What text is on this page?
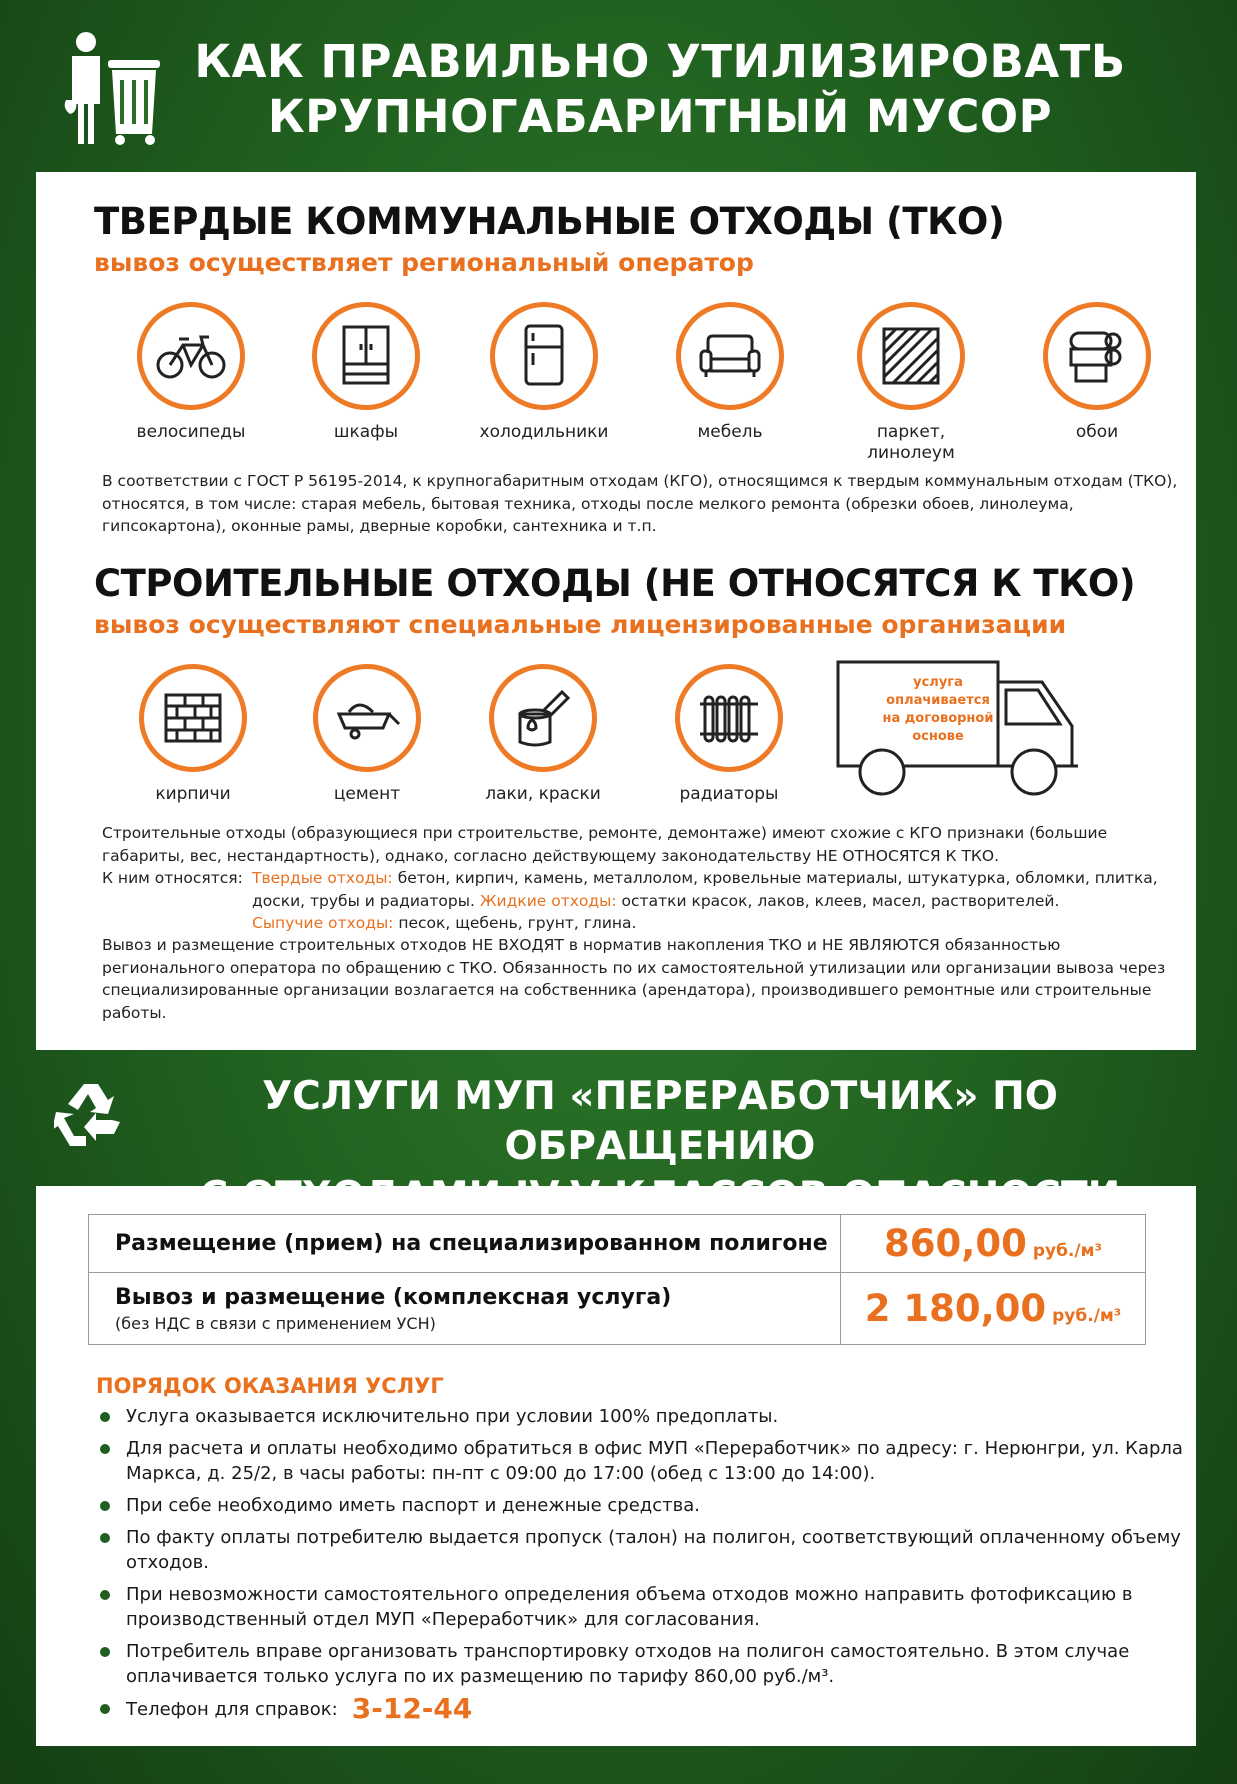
КАК ПРАВИЛЬНО УТИЛИЗИРОВАТЬ
КРУПНОГАБАРИТНЫЙ МУСОР
ТВЕРДЫЕ КОММУНАЛЬНЫЕ ОТХОДЫ (ТКО)
вывоз осуществляет региональный оператор
велосипеды	шкафы	холодильники	мебель	паркет,
линолеум
обои
В соответствии с ГОСТ Р 56195-2014, к крупногабаритным отходам (КГО), относящимся к твердым коммунальным отходам (ТКО), относятся, в том числе: старая мебель, бытовая техника, отходы после мелкого ремонта (обрезки обоев, линолеума, гипсокартона), оконные рамы, дверные коробки, сантехника и т.п.
СТРОИТЕЛЬНЫЕ ОТХОДЫ (НЕ ОТНОСЯТСЯ К ТКО)
вывоз осуществляют специальные лицензированные организации
кирпичи	цемент	лаки, краски	радиаторы
услуга оплачивается на договорной основе
Строительные отходы (образующиеся при строительстве, ремонте, демонтаже) имеют схожие с КГО признаки (большие габариты, вес, нестандартность), однако, согласно действующему законодательству НЕ ОТНОСЯТСЯ К ТКО.
К ним относятся: Твердые отходы: бетон, кирпич, камень, металлолом, кровельные материалы, штукатурка, обломки, плитка, доски, трубы и радиаторы. Жидкие отходы: остатки красок, лаков, клеев, масел, растворителей.
Сыпучие отходы: песок, щебень, грунт, глина.
Вывоз и размещение строительных отходов НЕ ВХОДЯТ в норматив накопления ТКО и НЕ ЯВЛЯЮТСЯ обязанностью регионального оператора по обращению с ТКО. Обязанность по их самостоятельной утилизации или организации вывоза через специализированные организации возлагается на собственника (арендатора), производившего ремонтные или строительные работы.
УСЛУГИ МУП «ПЕРЕРАБОТЧИК» ПО ОБРАЩЕНИЮ
Размещение (прием) на специализированном полигоне	860,00 руб./м³
Вывоз и размещение (комплексная услуга)
(без НДС в связи с применением УСН)	2 180,00 руб./м³
ПОРЯДОК ОКАЗАНИЯ УСЛУГ
Услуга оказывается исключительно при условии 100% предоплаты.
Для расчета и оплаты необходимо обратиться в офис МУП «Переработчик» по адресу: г. Нерюнгри, ул. Карла Маркса, д. 25/2, в часы работы: пн-пт с 09:00 до 17:00 (обед с 13:00 до 14:00).
При себе необходимо иметь паспорт и денежные средства.
По факту оплаты потребителю выдается пропуск (талон) на полигон, соответствующий оплаченному объему отходов.
При невозможности самостоятельного определения объема отходов можно направить фотофиксацию в производственный отдел МУП «Переработчик» для согласования.
Потребитель вправе организовать транспортировку отходов на полигон самостоятельно. В этом случае оплачивается только услуга по их размещению по тарифу 860,00 руб./м³.
Телефон для справок: 3-12-44
